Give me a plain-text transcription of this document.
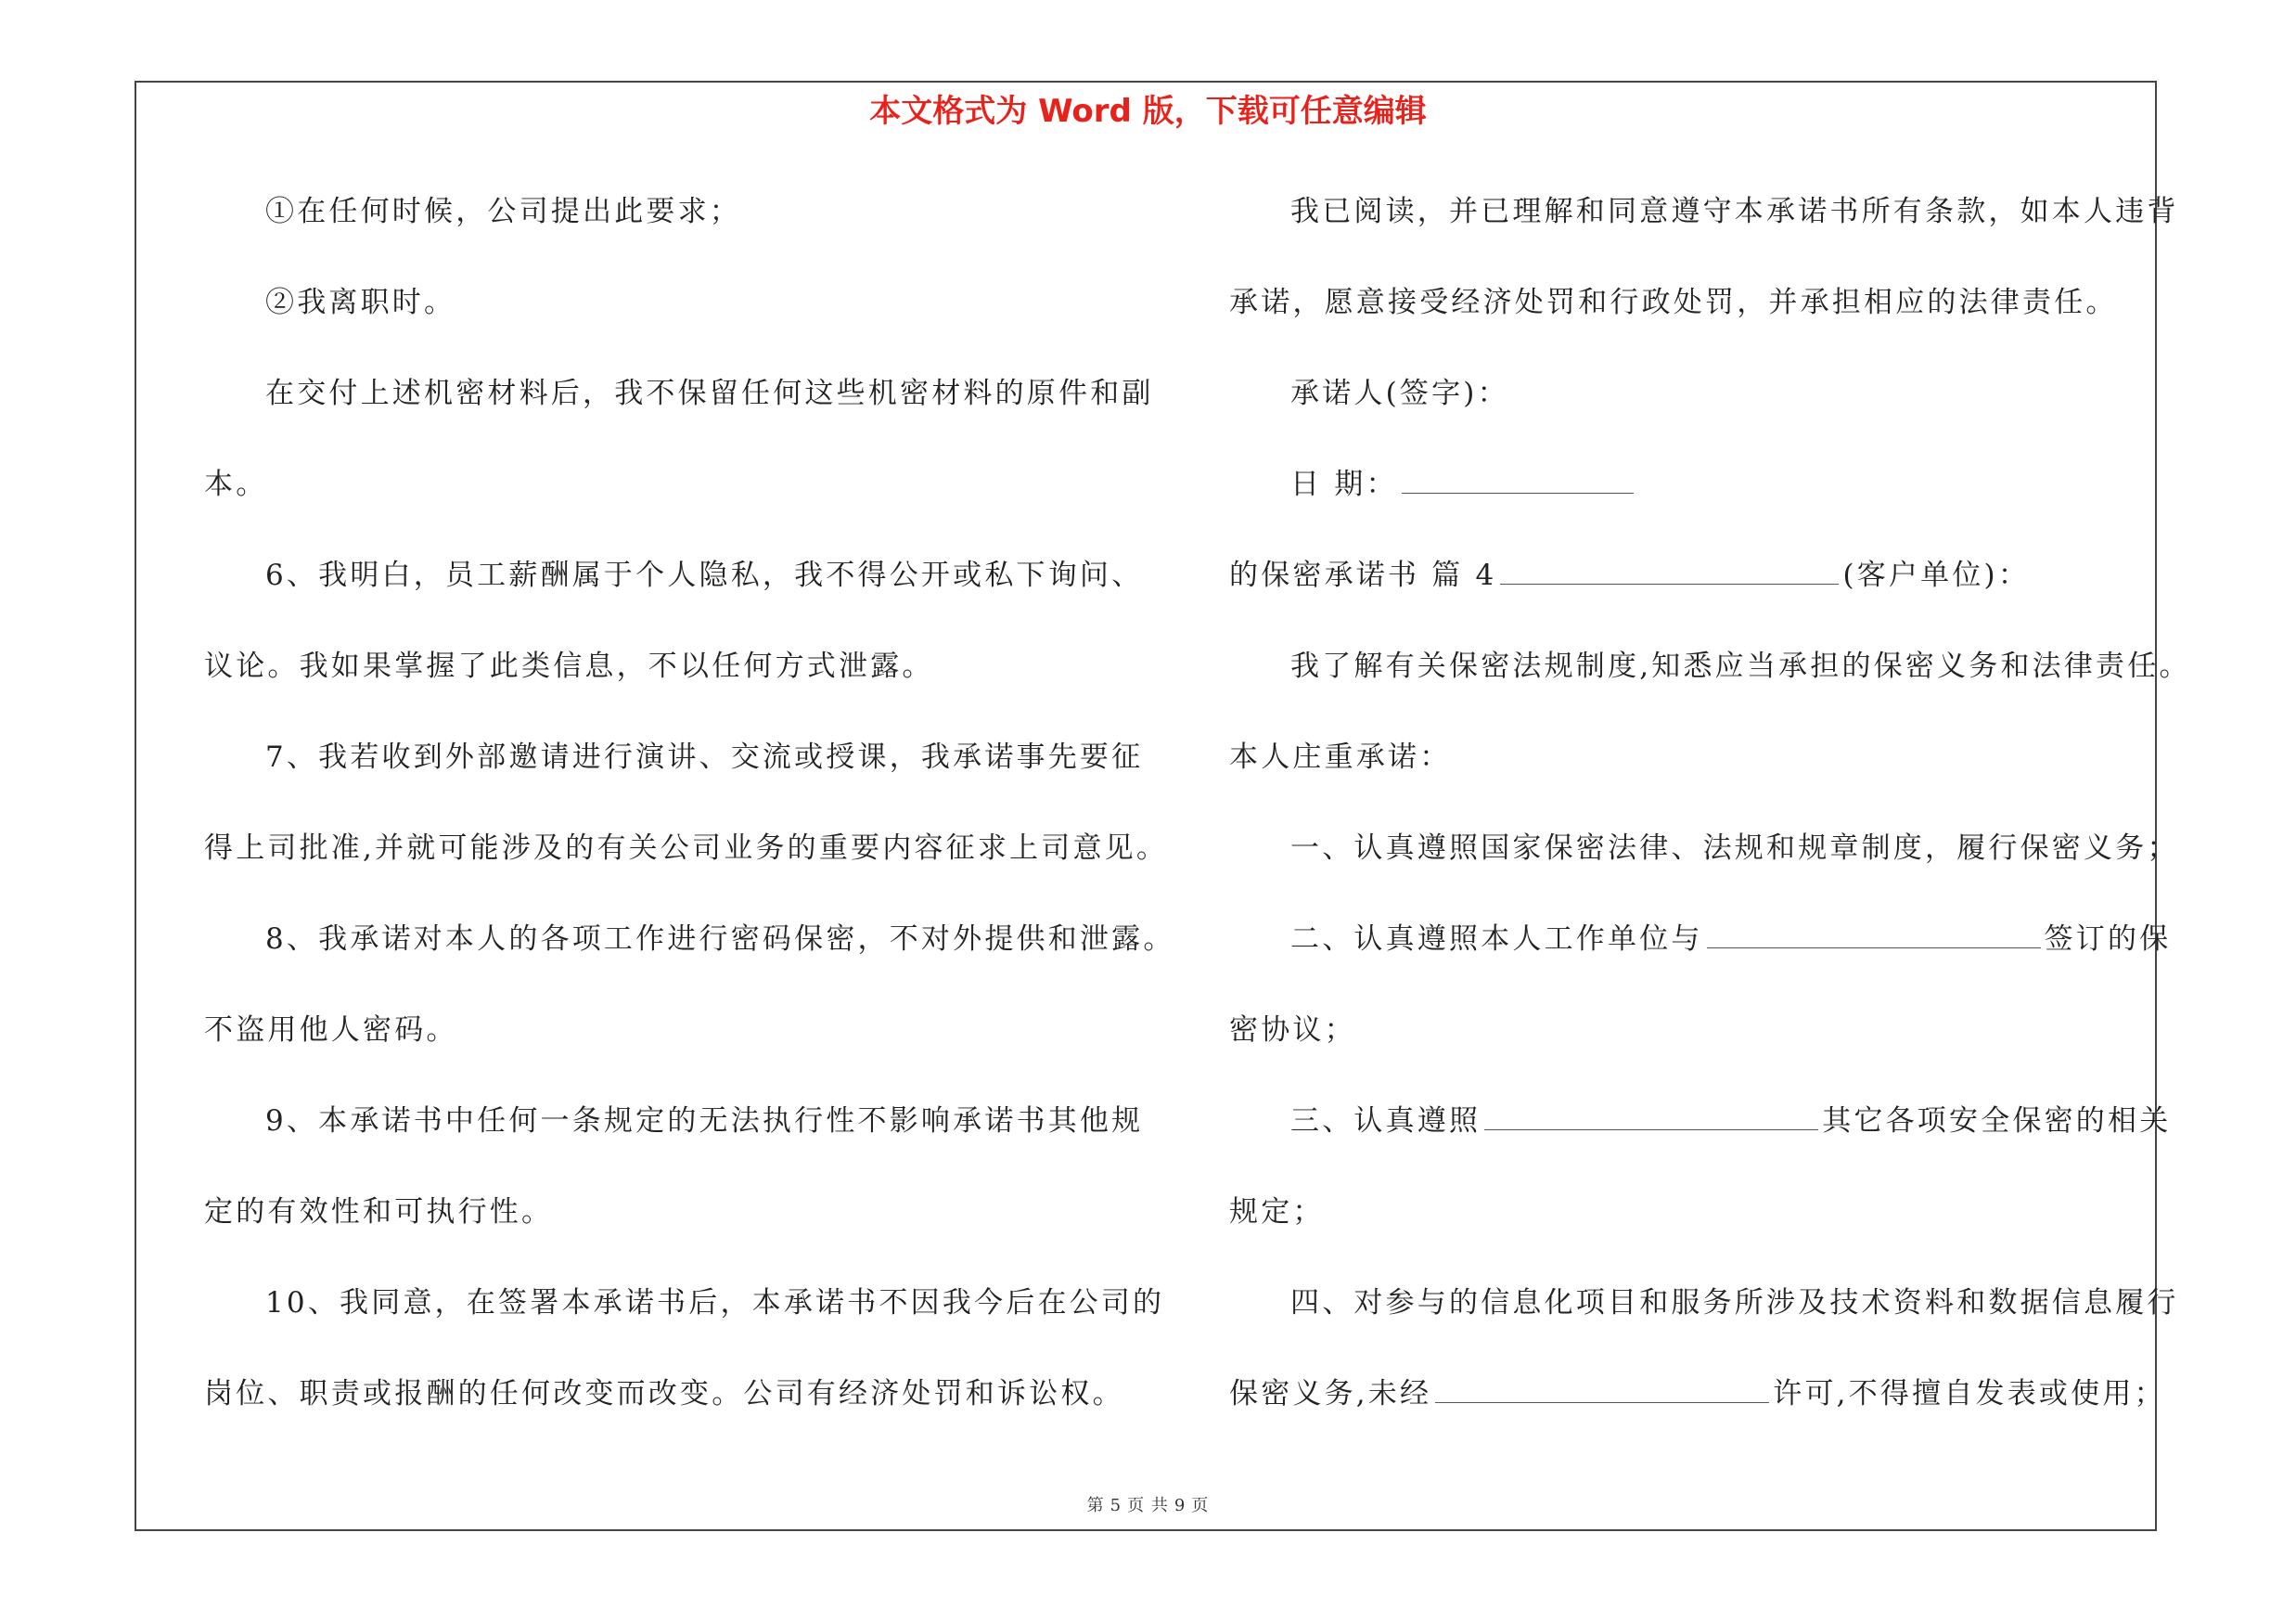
本文格式为 Word 版，下载可任意编辑
①在任何时候，公司提出此要求；
②我离职时。
在交付上述机密材料后，我不保留任何这些机密材料的原件和副
本。
6、我明白，员工薪酬属于个人隐私，我不得公开或私下询问、
议论。我如果掌握了此类信息，不以任何方式泄露。
7、我若收到外部邀请进行演讲、交流或授课，我承诺事先要征
得上司批准,并就可能涉及的有关公司业务的重要内容征求上司意见。
8、我承诺对本人的各项工作进行密码保密，不对外提供和泄露。
不盗用他人密码。
9、本承诺书中任何一条规定的无法执行性不影响承诺书其他规
定的有效性和可执行性。
10、我同意，在签署本承诺书后，本承诺书不因我今后在公司的
岗位、职责或报酬的任何改变而改变。公司有经济处罚和诉讼权。
我已阅读，并已理解和同意遵守本承诺书所有条款，如本人违背
承诺，愿意接受经济处罚和行政处罚，并承担相应的法律责任。
承诺人(签字)：
日 期：
的保密承诺书 篇 4	(客户单位)：
我了解有关保密法规制度,知悉应当承担的保密义务和法律责任。
本人庄重承诺：
一、认真遵照国家保密法律、法规和规章制度，履行保密义务；
二、认真遵照本人工作单位与	签订的保
密协议；
三、认真遵照	其它各项安全保密的相关
规定；
四、对参与的信息化项目和服务所涉及技术资料和数据信息履行
保密义务,未经	许可,不得擅自发表或使用；
第 5 页 共 9 页
